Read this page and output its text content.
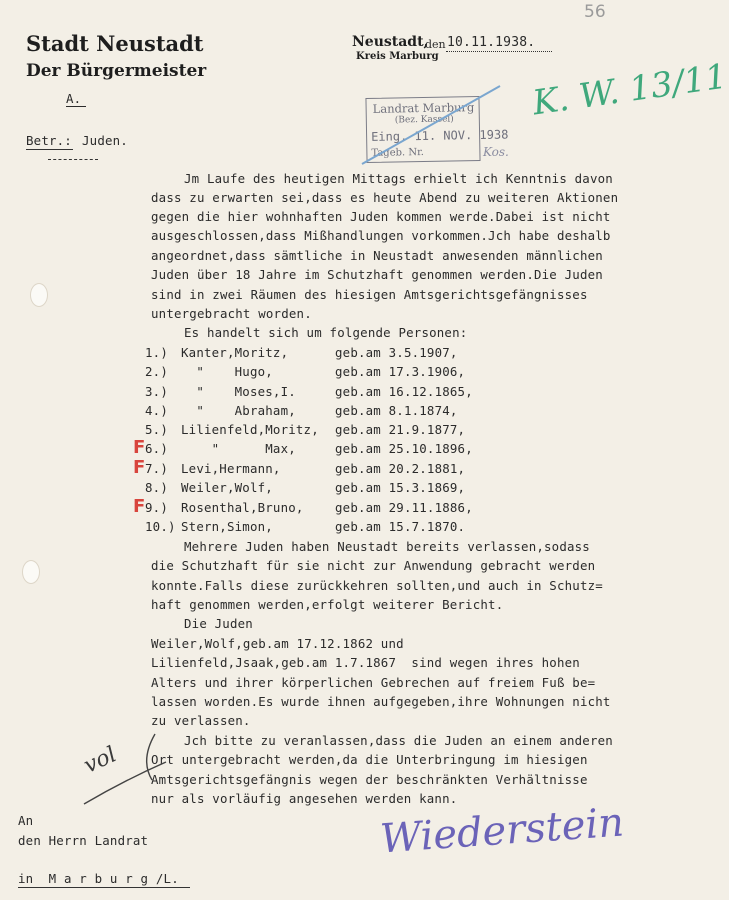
56
Stadt Neustadt
Der Bürgermeister
A.
Neustadt,
den 10.11.1938.
Kreis Marburg
Landrat Marburg
(Bez. Kassel)
Eing. 11. NOV. 1938
Tageb. Nr.	Kos.
K. W. 13/11
Betr.: Juden.
Jm Laufe des heutigen Mittags erhielt ich Kenntnis davon
dass zu erwarten sei,dass es heute Abend zu weiteren Aktionen
gegen die hier wohnhaften Juden kommen werde.Dabei ist nicht
ausgeschlossen,dass Mißhandlungen vorkommen.Jch habe deshalb
angeordnet,dass sämtliche in Neustadt anwesenden männlichen
Juden über 18 Jahre im Schutzhaft genommen werden.Die Juden
sind in zwei Räumen des hiesigen Amtsgerichtsgefängnisses
untergebracht worden.
Es handelt sich um folgende Personen:
1.) Kanter,Moritz,	geb.am 3.5.1907,
2.) "    Hugo,	geb.am 17.3.1906,
3.) "    Moses,I.	geb.am 16.12.1865,
4.) "    Abraham,	geb.am 8.1.1874,
5.) Lilienfeld,Moritz, geb.am 21.9.1877,
6.) "      Max,	geb.am 25.10.1896,
7.) Levi,Hermann,	geb.am 20.2.1881,
8.) Weiler,Wolf,	geb.am 15.3.1869,
9.) Rosenthal,Bruno,	geb.am 29.11.1886,
10.) Stern,Simon,	geb.am 15.7.1870.
F
F
F
Mehrere Juden haben Neustadt bereits verlassen,sodass
die Schutzhaft für sie nicht zur Anwendung gebracht werden
konnte.Falls diese zurückkehren sollten,und auch in Schutz=
haft genommen werden,erfolgt weiterer Bericht.
Die Juden
Weiler,Wolf,geb.am 17.12.1862 und
Lilienfeld,Jsaak,geb.am 1.7.1867  sind wegen ihres hohen
Alters und ihrer körperlichen Gebrechen auf freiem Fuß be=
lassen worden.Es wurde ihnen aufgegeben,ihre Wohnungen nicht
zu verlassen.
Jch bitte zu veranlassen,dass die Juden an einem anderen
Ort untergebracht werden,da die Unterbringung im hiesigen
Amtsgerichtsgefängnis wegen der beschränkten Verhältnisse
nur als vorläufig angesehen werden kann.
vol
An
den Herrn Landrat
in  M a r b u r g /L.
Wiederstein
